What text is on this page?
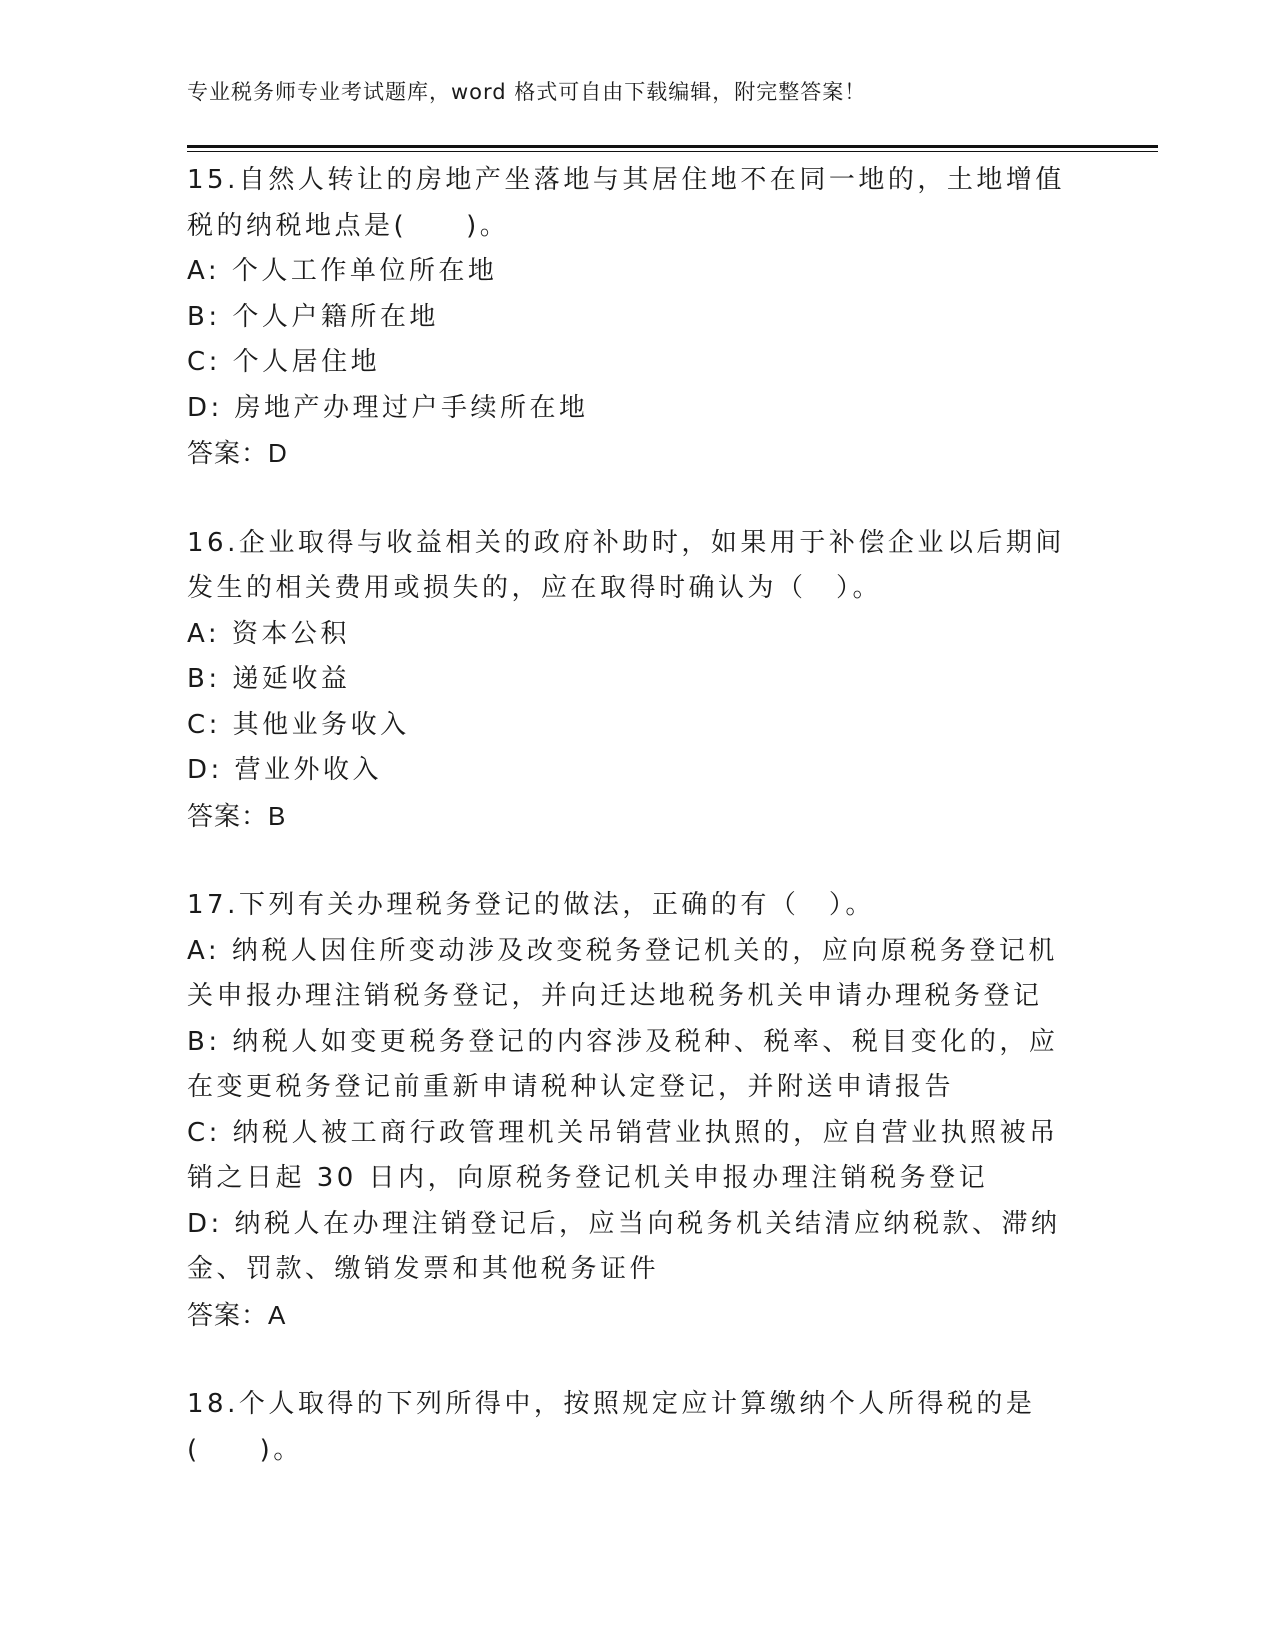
专业税务师专业考试题库，word 格式可自由下载编辑，附完整答案！
15.自然人转让的房地产坐落地与其居住地不在同一地的，土地增值税的纳税地点是(　　)。
A: 个人工作单位所在地
B: 个人户籍所在地
C: 个人居住地
D: 房地产办理过户手续所在地
答案：D
16.企业取得与收益相关的政府补助时，如果用于补偿企业以后期间发生的相关费用或损失的，应在取得时确认为（　）。
A: 资本公积
B: 递延收益
C: 其他业务收入
D: 营业外收入
答案：B
17.下列有关办理税务登记的做法，正确的有（　）。
A: 纳税人因住所变动涉及改变税务登记机关的，应向原税务登记机关申报办理注销税务登记，并向迁达地税务机关申请办理税务登记
B: 纳税人如变更税务登记的内容涉及税种、税率、税目变化的，应在变更税务登记前重新申请税种认定登记，并附送申请报告
C: 纳税人被工商行政管理机关吊销营业执照的，应自营业执照被吊销之日起 30 日内，向原税务登记机关申报办理注销税务登记
D: 纳税人在办理注销登记后，应当向税务机关结清应纳税款、滞纳金、罚款、缴销发票和其他税务证件
答案：A
18.个人取得的下列所得中，按照规定应计算缴纳个人所得税的是(　　)。
